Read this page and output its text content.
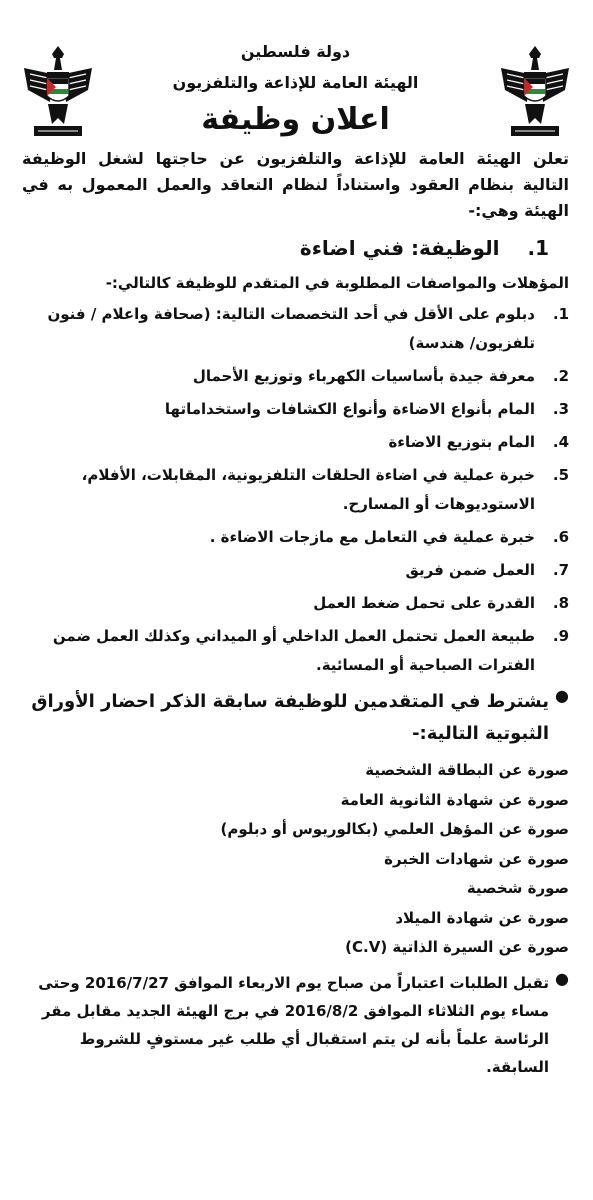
دولة فلسطين
الهيئة العامة للإذاعة والتلفزيون
اعلان وظيفة
تعلن الهيئة العامة للإذاعة والتلفزيون عن حاجتها لشغل الوظيفة التالية بنظام العقود واستناداً لنظام التعاقد والعمل المعمول به في الهيئة وهي:-
1.
الوظيفة: فني اضاءة
المؤهلات والمواصفات المطلوبة في المتقدم للوظيفة كالتالي:-
1 .
دبلوم على الأقل في أحد التخصصات التالية: (صحافة واعلام / فنون تلفزيون/ هندسة)
2 .
معرفة جيدة بأساسيات الكهرباء وتوزيع الأحمال
3 .
المام بأنواع الاضاءة وأنواع الكشافات واستخداماتها
4 .
المام بتوزيع الاضاءة
5 .
خبرة عملية في اضاءة الحلقات التلفزيونية، المقابلات، الأفلام، الاستوديوهات أو المسارح.
6 .
خبرة عملية في التعامل مع مازجات الاضاءة .
7 .
العمل ضمن فريق
8 .
القدرة على تحمل ضغط العمل
9 .
طبيعة العمل تحتمل العمل الداخلي أو الميداني وكذلك العمل ضمن الفترات الصباحية أو المسائية.
●
يشترط في المتقدمين للوظيفة سابقة الذكر احضار الأوراق الثبوتية التالية:-
صورة عن البطاقة الشخصية
صورة عن شهادة الثانوية العامة
صورة عن المؤهل العلمي (بكالوريوس أو دبلوم)
صورة عن شهادات الخبرة
صورة شخصية
صورة عن شهادة الميلاد
صورة عن السيرة الذاتية (C.V)
●
تقبل الطلبات اعتباراً من صباح يوم الاربعاء الموافق 2016/7/27 وحتى مساء يوم الثلاثاء الموافق 2016/8/2 في برج الهيئة الجديد مقابل مقر الرئاسة علماً بأنه لن يتم استقبال أي طلب غير مستوفٍ للشروط السابقة.
